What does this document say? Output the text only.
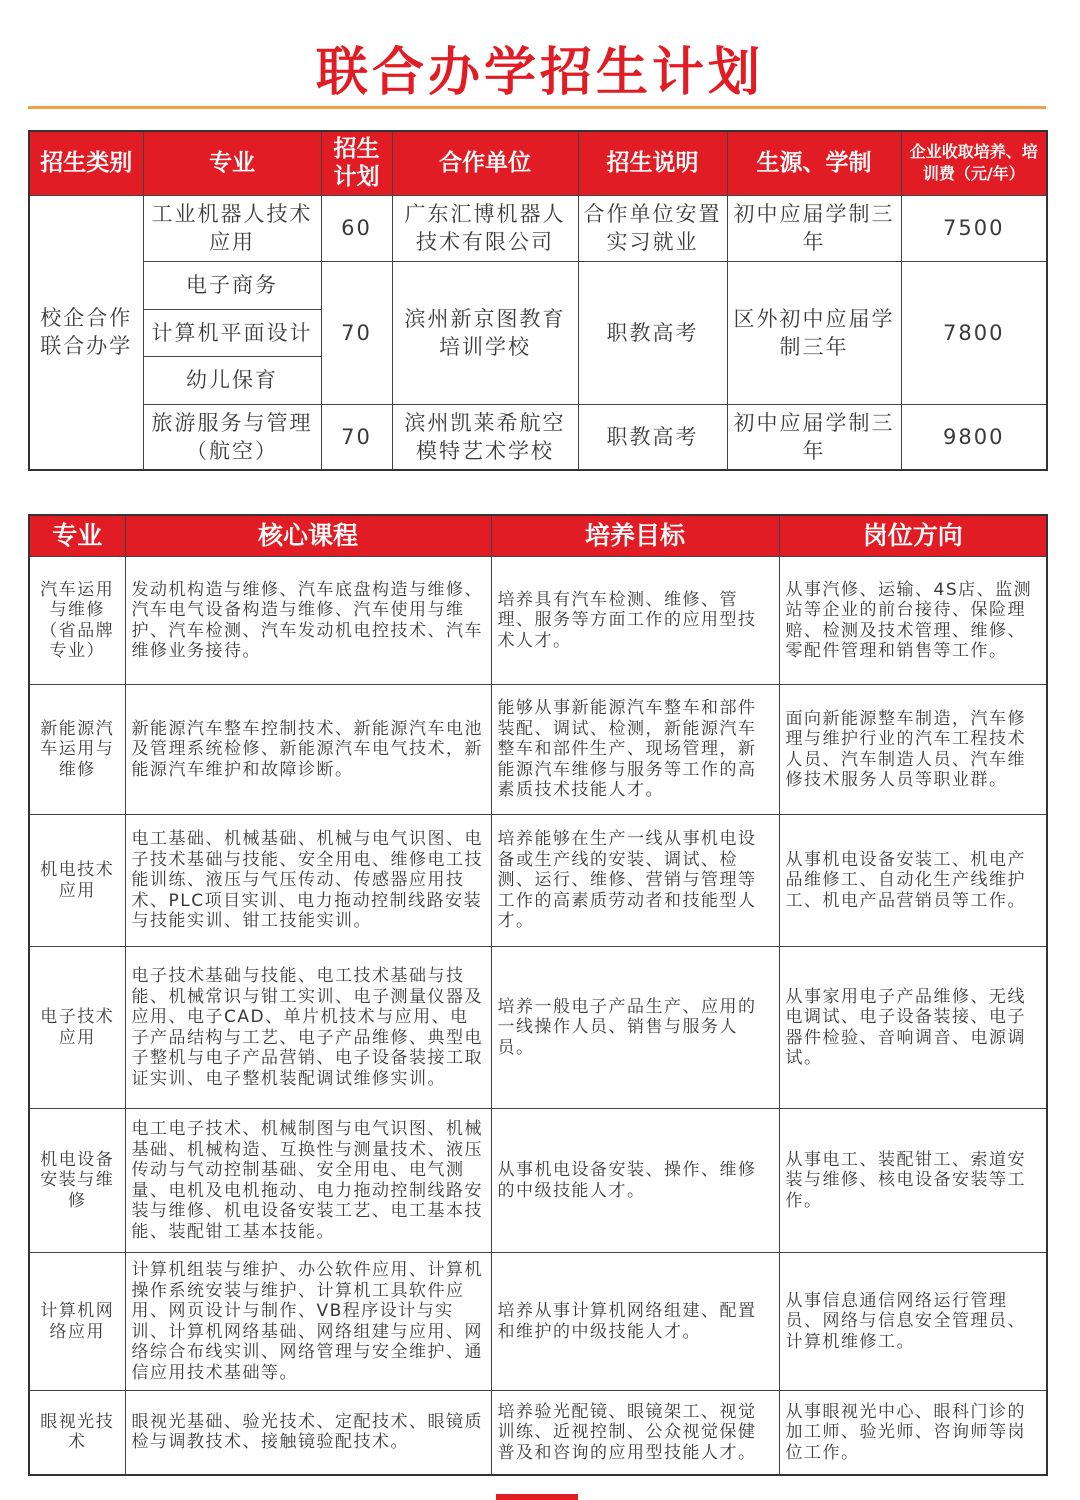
联合办学招生计划
招生类别	专业	招生计划	合作单位	招生说明	生源、学制	企业收取培养、培训费（元/年）
校企合作联合办学	工业机器人技术应用	60	广东汇博机器人技术有限公司	合作单位安置实习就业	初中应届学制三年	7500
	电子商务	70	滨州新京图教育培训学校	职教高考	区外初中应届学制三年	7800
	计算机平面设计					
	幼儿保育					
	旅游服务与管理（航空）	70	滨州凯莱希航空模特艺术学校	职教高考	初中应届学制三年	9800
专业	核心课程	培养目标	岗位方向
汽车运用与维修（省品牌专业）	发动机构造与维修、汽车底盘构造与维修、汽车电气设备构造与维修、汽车使用与维护、汽车检测、汽车发动机电控技术、汽车维修业务接待。	培养具有汽车检测、维修、管理、服务等方面工作的应用型技术人才。	从事汽修、运输、4S店、监测站等企业的前台接待、保险理赔、检测及技术管理、维修、零配件管理和销售等工作。
新能源汽车运用与维修	新能源汽车整车控制技术、新能源汽车电池及管理系统检修、新能源汽车电气技术，新能源汽车维护和故障诊断。	能够从事新能源汽车整车和部件装配、调试、检测，新能源汽车整车和部件生产、现场管理，新能源汽车维修与服务等工作的高素质技术技能人才。	面向新能源整车制造，汽车修理与维护行业的汽车工程技术人员、汽车制造人员、汽车维修技术服务人员等职业群。
机电技术应用	电工基础、机械基础、机械与电气识图、电子技术基础与技能、安全用电、维修电工技能训练、液压与气压传动、传感器应用技术、PLC项目实训、电力拖动控制线路安装与技能实训、钳工技能实训。	培养能够在生产一线从事机电设备或生产线的安装、调试、检测、运行、维修、营销与管理等工作的高素质劳动者和技能型人才。	从事机电设备安装工、机电产品维修工、自动化生产线维护工、机电产品营销员等工作。
电子技术应用	电子技术基础与技能、电工技术基础与技能、机械常识与钳工实训、电子测量仪器及应用、电子CAD、单片机技术与应用、电子产品结构与工艺、电子产品维修、典型电子整机与电子产品营销、电子设备装接工取证实训、电子整机装配调试维修实训。	培养一般电子产品生产、应用的一线操作人员、销售与服务人员。	从事家用电子产品维修、无线电调试、电子设备装接、电子器件检验、音响调音、电源调试。
机电设备安装与维修	电工电子技术、机械制图与电气识图、机械基础、机械构造、互换性与测量技术、液压传动与气动控制基础、安全用电、电气测量、电机及电机拖动、电力拖动控制线路安装与维修、机电设备安装工艺、电工基本技能、装配钳工基本技能。	从事机电设备安装、操作、维修的中级技能人才。	从事电工、装配钳工、索道安装与维修、核电设备安装等工作。
计算机网络应用	计算机组装与维护、办公软件应用、计算机操作系统安装与维护、计算机工具软件应用、网页设计与制作、VB程序设计与实训、计算机网络基础、网络组建与应用、网络综合布线实训、网络管理与安全维护、通信应用技术基础等。	培养从事计算机网络组建、配置和维护的中级技能人才。	从事信息通信网络运行管理员、网络与信息安全管理员、计算机维修工。
眼视光技术	眼视光基础、验光技术、定配技术、眼镜质检与调教技术、接触镜验配技术。	培养验光配镜、眼镜架工、视觉训练、近视控制、公众视觉保健普及和咨询的应用型技能人才。	从事眼视光中心、眼科门诊的加工师、验光师、咨询师等岗位工作。
